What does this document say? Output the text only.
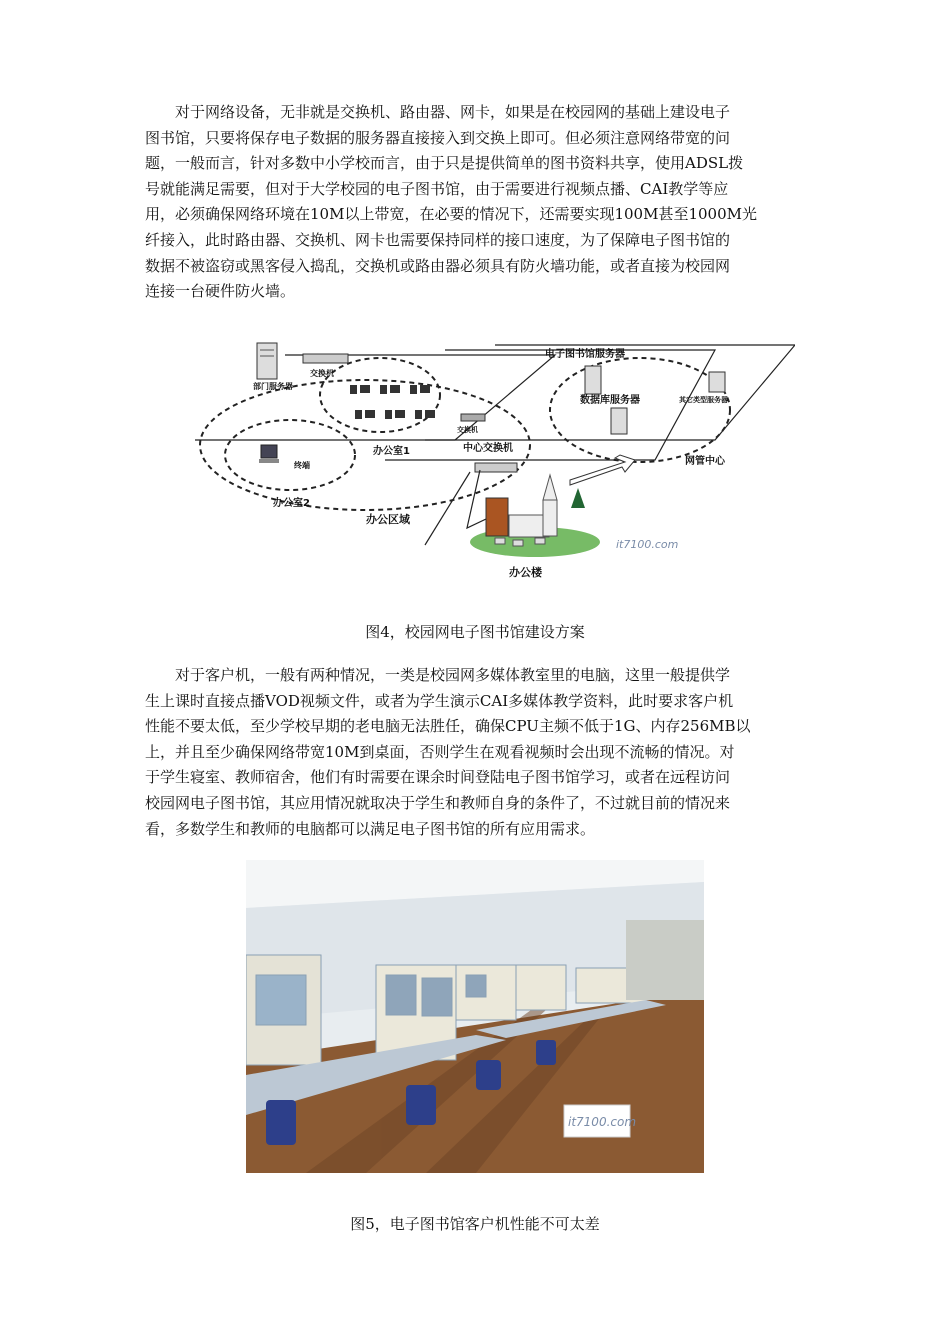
对于网络设备，无非就是交换机、路由器、网卡，如果是在校园网的基础上建设电子
图书馆，只要将保存电子数据的服务器直接接入到交换上即可。但必须注意网络带宽的问
题，一般而言，针对多数中小学校而言，由于只是提供简单的图书资料共享，使用ADSL拨
号就能满足需要，但对于大学校园的电子图书馆，由于需要进行视频点播、CAI教学等应
用，必须确保网络环境在10M以上带宽，在必要的情况下，还需要实现100M甚至1000M光
纤接入，此时路由器、交换机、网卡也需要保持同样的接口速度，为了保障电子图书馆的
数据不被盗窃或黑客侵入捣乱，交换机或路由器必须具有防火墙功能，或者直接为校园网
连接一台硬件防火墙。
部门服务器
交换机
办公室1
终端
办公室2
交换机
中心交换机
电子图书馆服务器
数据库服务器	其它类型服务器
网管中心
办公区域
办公楼
it7100.com

图4，校园网电子图书馆建设方案

对于客户机，一般有两种情况，一类是校园网多媒体教室里的电脑，这里一般提供学
生上课时直接点播VOD视频文件，或者为学生演示CAI多媒体教学资料，此时要求客户机
性能不要太低，至少学校早期的老电脑无法胜任，确保CPU主频不低于1G、内存256MB以
上，并且至少确保网络带宽10M到桌面，否则学生在观看视频时会出现不流畅的情况。对
于学生寝室、教师宿舍，他们有时需要在课余时间登陆电子图书馆学习，或者在远程访问
校园网电子图书馆，其应用情况就取决于学生和教师自身的条件了，不过就目前的情况来
看，多数学生和教师的电脑都可以满足电子图书馆的所有应用需求。
it7100.com

图5，电子图书馆客户机性能不可太差
